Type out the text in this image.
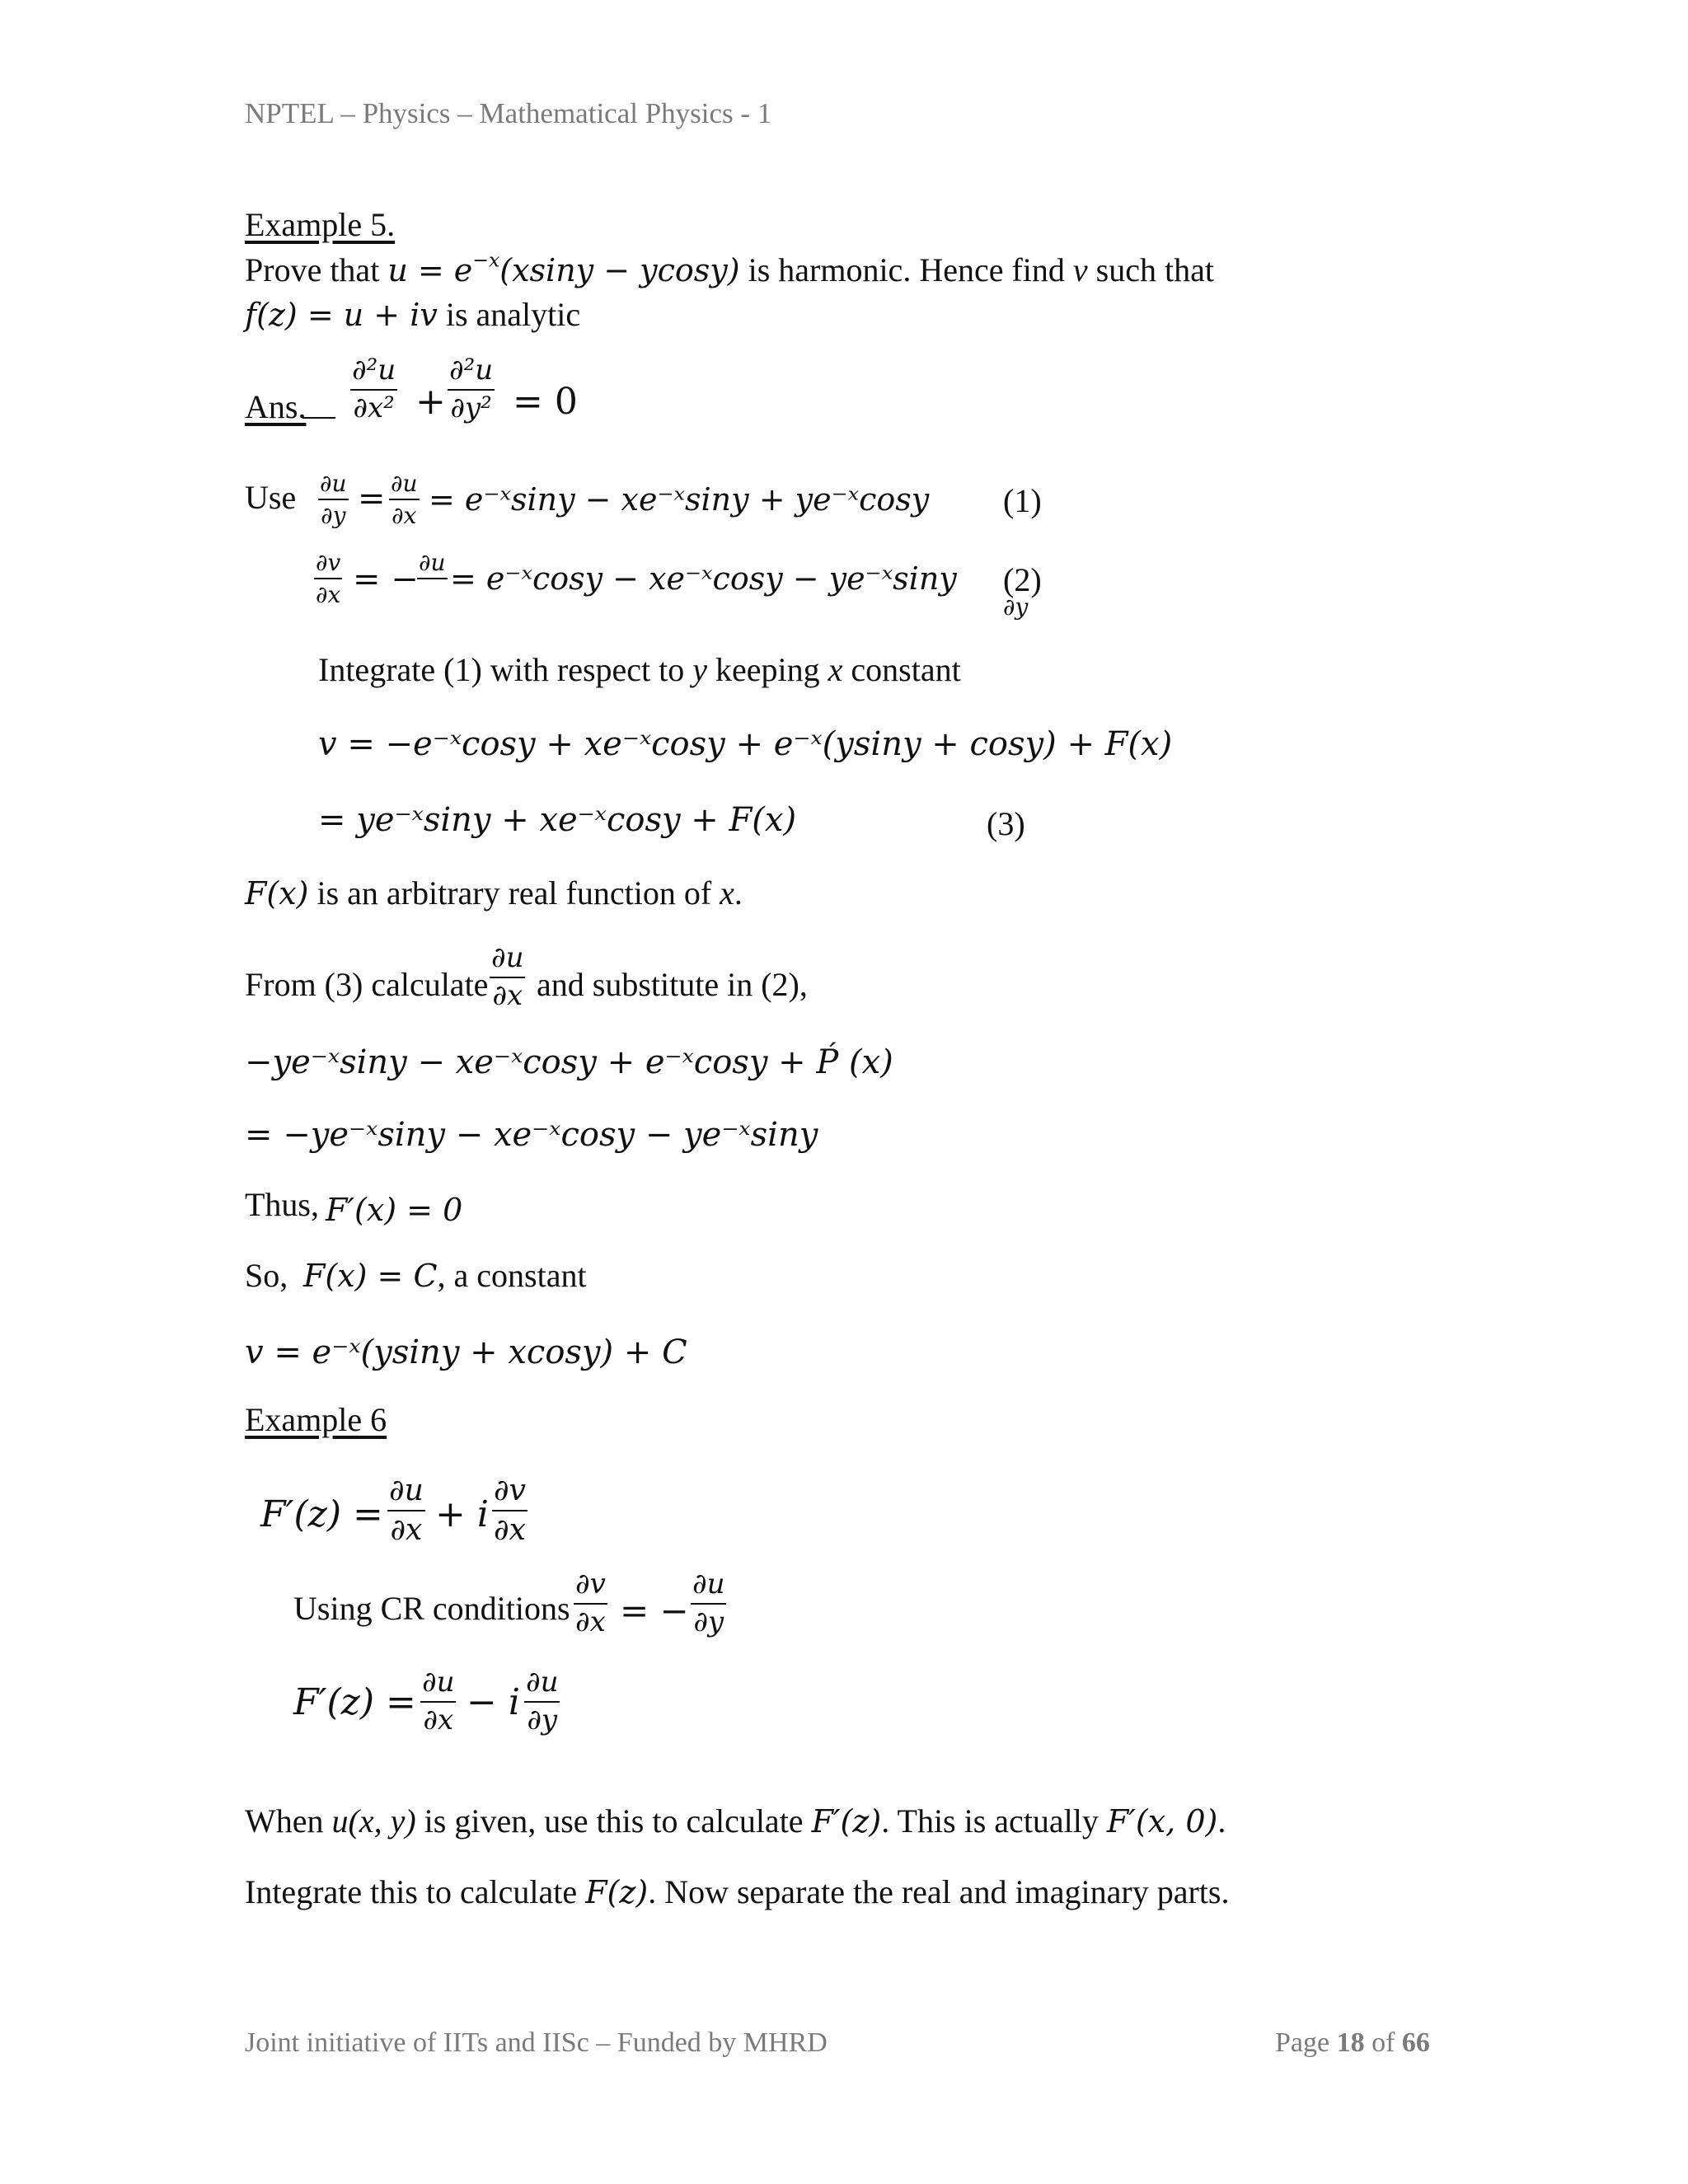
NPTEL – Physics – Mathematical Physics - 1
Example 5.
Prove that $u = e^{-x}(xsiny - ycosy)$ is harmonic. Hence find v such that
f(z) = u + iv is analytic
Ans.
∂²u
∂x² +
∂²u
∂y² = 0
Use ∂u
∂y = ∂u
∂x = e⁻ˣsiny − xe⁻ˣsiny + ye⁻ˣcosy (1)
∂v
∂x = − ∂u
= e⁻ˣcosy − xe⁻ˣcosy − ye⁻ˣsiny (2)
∂y
Integrate (1) with respect to y keeping x constant
v = −e⁻ˣcosy + xe⁻ˣcosy + e⁻ˣ(ysiny + cosy) + F(x)
= ye⁻ˣsiny + xe⁻ˣcosy + F(x)	(3)
F(x) is an arbitrary real function of x.
From (3) calculate
∂u
∂x and substitute in (2),
−ye⁻ˣsiny − xe⁻ˣcosy + e⁻ˣcosy + Ṕ (x)
= −ye⁻ˣsiny − xe⁻ˣcosy − ye⁻ˣsiny
Thus, F′(x) = 0
So, F(x) = C, a constant
v = e⁻ˣ(ysiny + xcosy) + C
Example 6
F′(z) =
∂u
∂x + i
∂v
∂x
Using CR conditions
∂v
∂x = −
∂u
∂y
F′(z) = ∂u
∂x − i ∂u
∂y
When u(x, y) is given, use this to calculate F′(z). This is actually F′(x, 0).
Integrate this to calculate F(z). Now separate the real and imaginary parts.
Joint initiative of IITs and IISc – Funded by MHRD	Page 18 of 66
